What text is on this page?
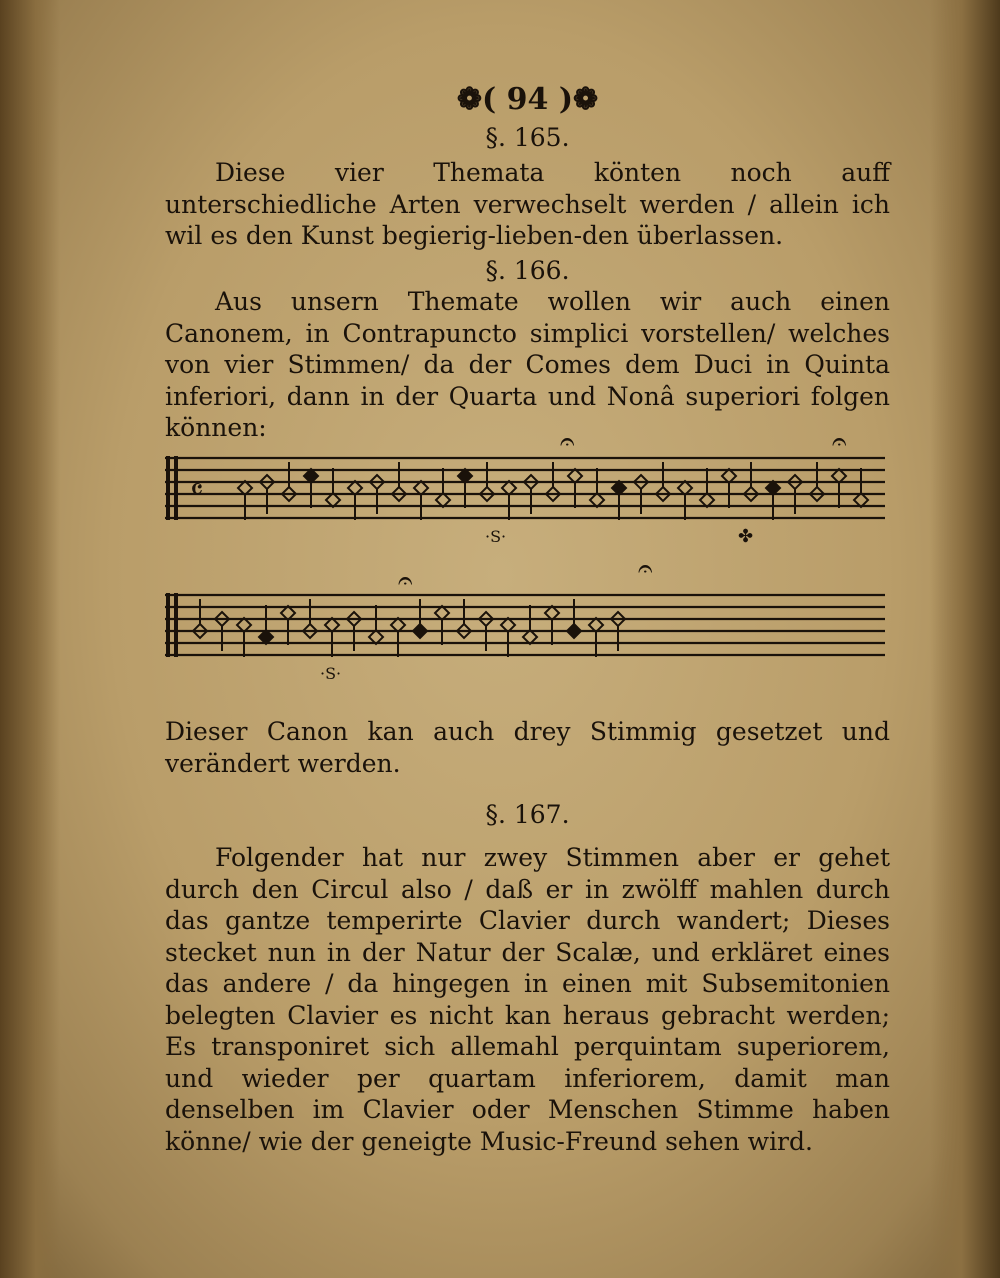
❁( 94 )❁
§. 165.
Diese vier Themata könten noch auff unterschiedliche Arten verwechselt werden / allein ich wil es den Kunst begierig-lieben-den überlassen.
§. 166.
Aus unsern Themate wollen wir auch einen Canonem, in Contrapuncto simplici vorstellen/ welches von vier Stimmen/ da der Comes dem Duci in Quinta inferiori, dann in der Quarta und Nonâ superiori folgen können:
𝄴
𝄐	𝄐
·S·	✤
𝄐	𝄐
·S·
Dieser Canon kan auch drey Stimmig gesetzet und verändert werden.
§. 167.
Folgender hat nur zwey Stimmen aber er gehet durch den Circul also / daß er in zwölff mahlen durch das gantze temperirte Clavier durch wandert; Dieses stecket nun in der Natur der Scalæ, und erkläret eines das andere / da hingegen in einen mit Subsemitonien belegten Clavier es nicht kan heraus gebracht werden; Es transponiret sich allemahl perquintam superiorem, und wieder per quartam inferiorem, damit man denselben im Clavier oder Menschen Stimme haben könne/ wie der geneigte Music-Freund sehen wird.
